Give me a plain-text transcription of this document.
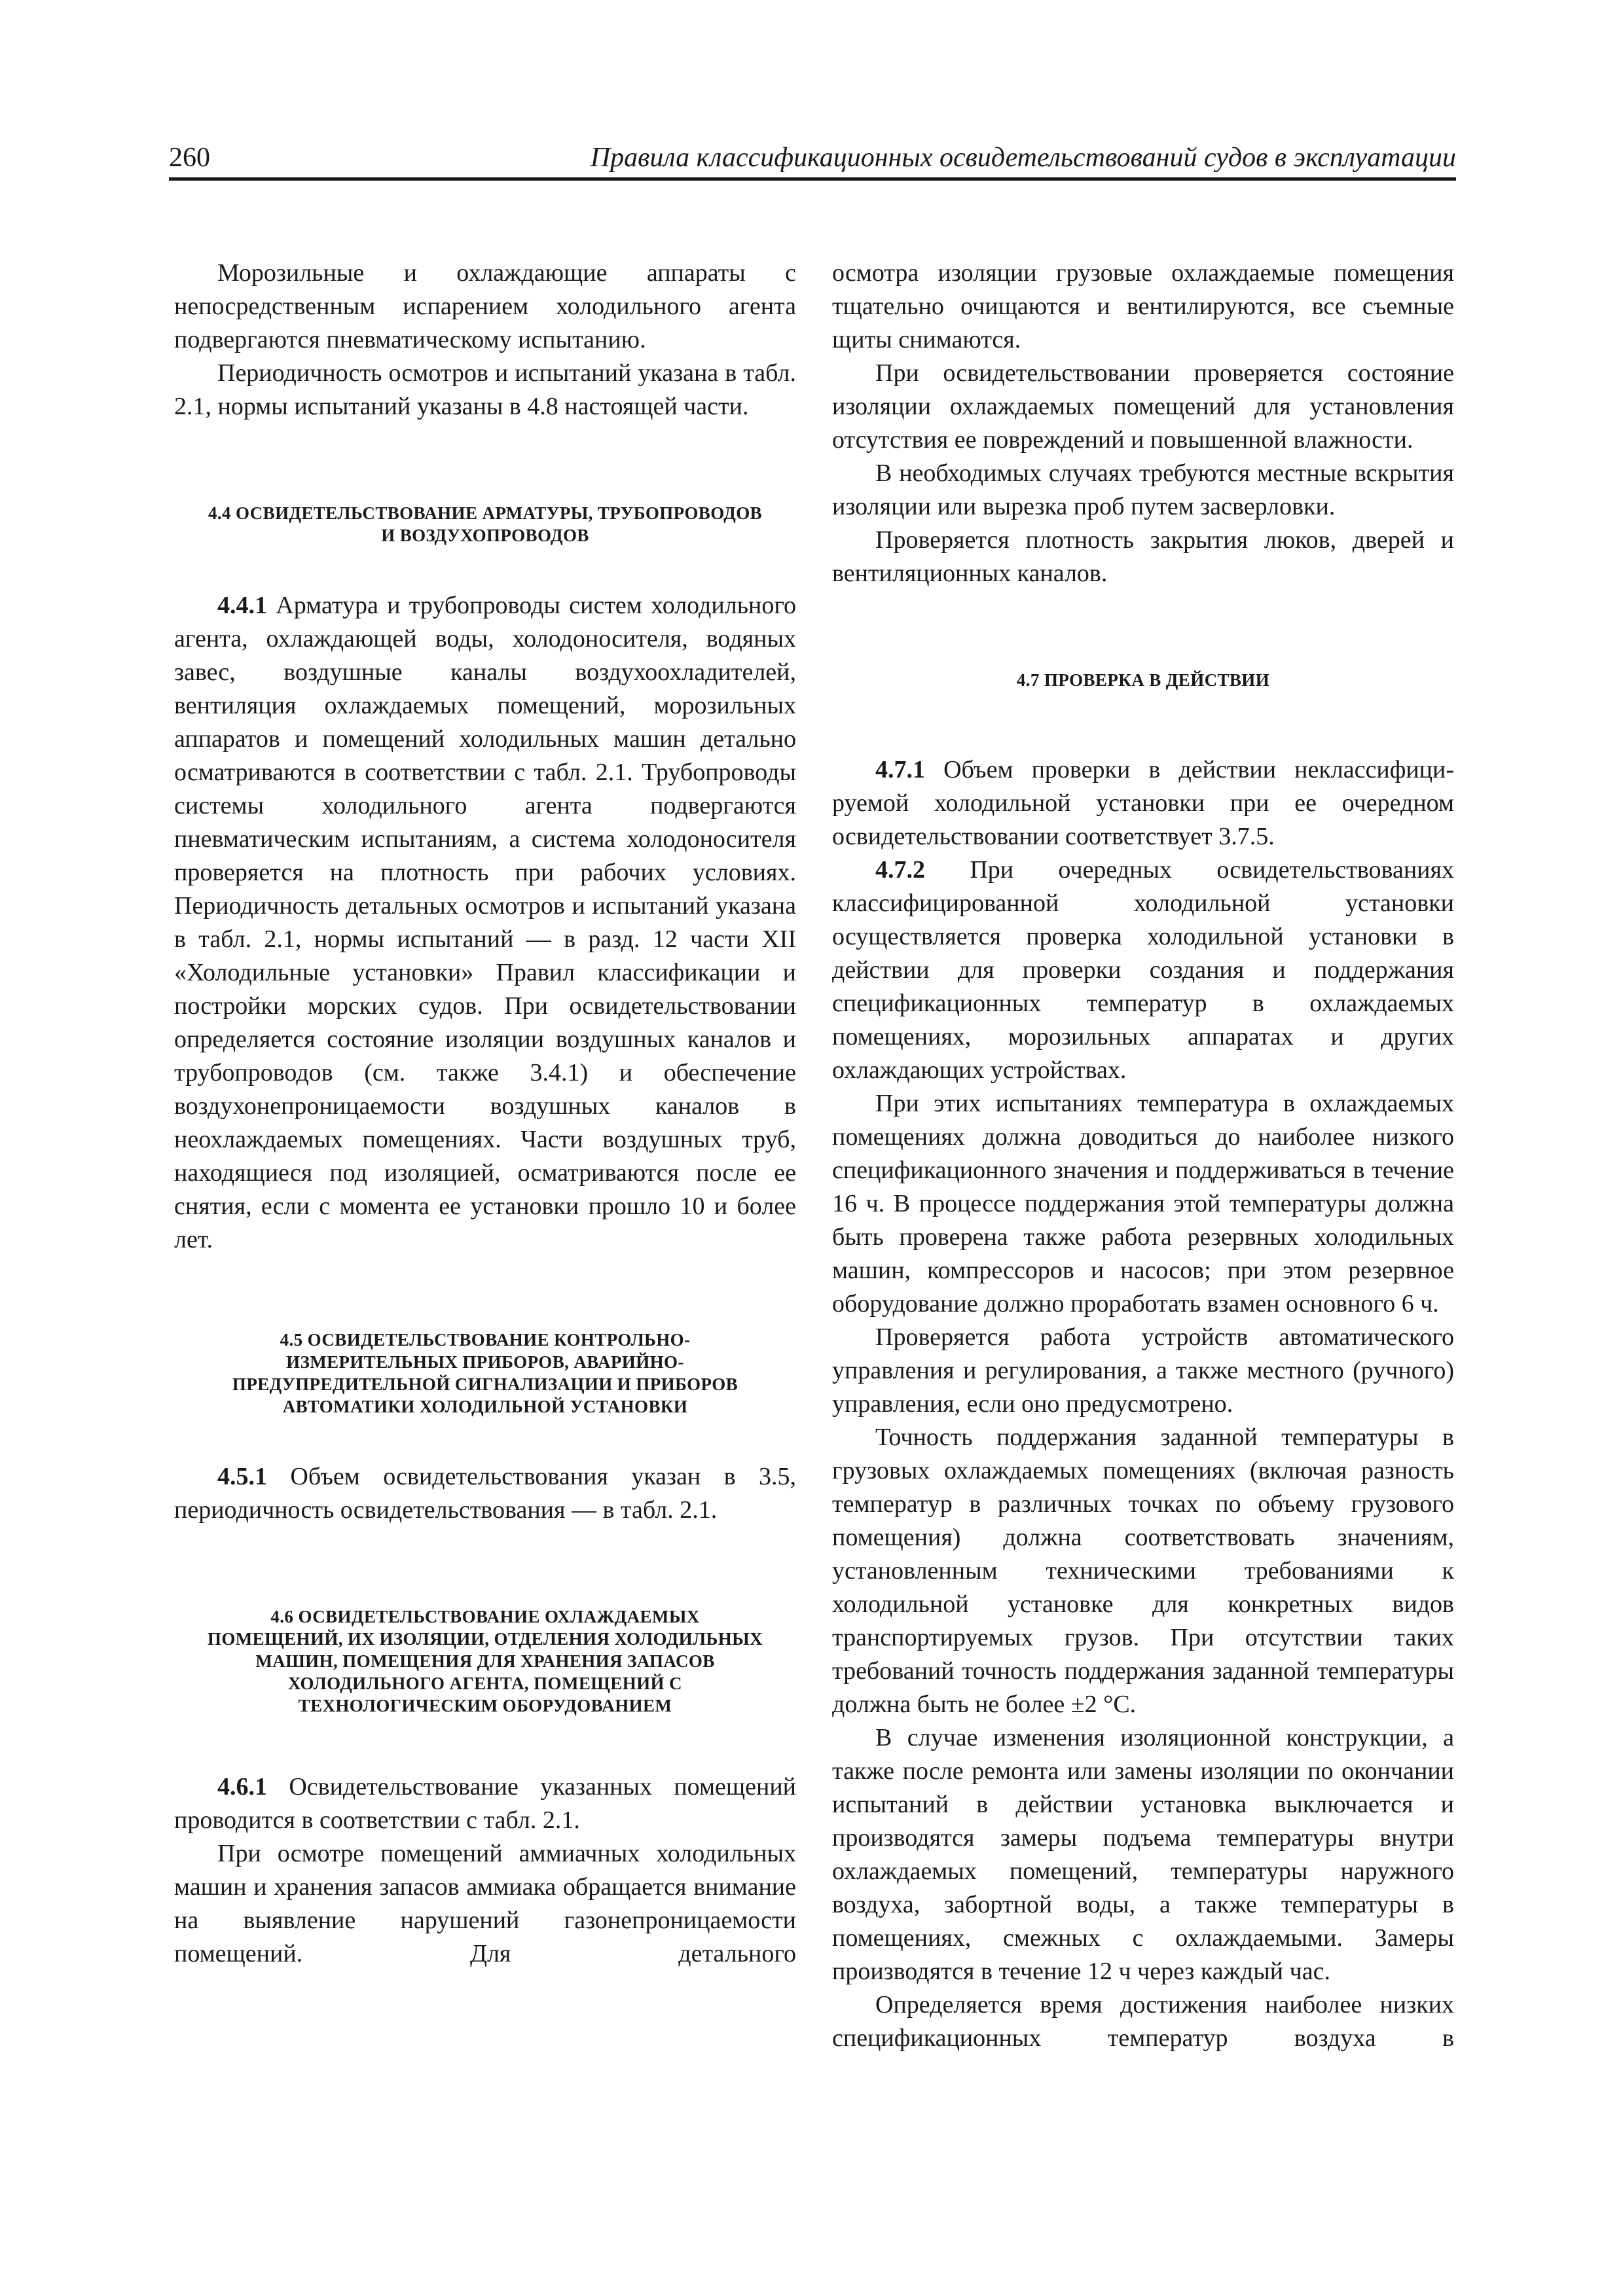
260	Правила классификационных освидетельствований судов в эксплуатации

Морозильные и охлаждающие аппараты с непосредственным испарением холодильного агента подвергаются пневматическому испытанию.

Периодичность осмотров и испытаний указана в табл. 2.1, нормы испытаний указаны в 4.8 настоящей части.

4.4 ОСВИДЕТЕЛЬСТВОВАНИЕ АРМАТУРЫ, ТРУБОПРОВОДОВ И ВОЗДУХОПРОВОДОВ

4.4.1 Арматура и трубопроводы систем холодильного агента, охлаждающей воды, холодоносителя, водяных завес, воздушные каналы воздухоохладителей, вентиляция охлаждаемых помещений, морозильных аппаратов и помещений холодильных машин детально осматриваются в соответствии с табл. 2.1. Трубопроводы системы холодильного агента подвергаются пневматическим испытаниям, а система холодоносителя проверяется на плотность при рабочих условиях. Периодичность детальных осмотров и испытаний указана в табл. 2.1, нормы испытаний — в разд. 12 части XII «Холодильные установки» Правил классификации и постройки морских судов. При освидетельствовании определяется состояние изоляции воздушных каналов и трубопроводов (см. также 3.4.1) и обеспечение воздухонепроницаемости воздушных каналов в неохлаждаемых помещениях. Части воздушных труб, находящиеся под изоляцией, осматриваются после ее снятия, если с момента ее установки прошло 10 и более лет.

4.5 ОСВИДЕТЕЛЬСТВОВАНИЕ КОНТРОЛЬНО-ИЗМЕРИТЕЛЬНЫХ ПРИБОРОВ, АВАРИЙНО-ПРЕДУПРЕДИТЕЛЬНОЙ СИГНАЛИЗАЦИИ И ПРИБОРОВ АВТОМАТИКИ ХОЛОДИЛЬНОЙ УСТАНОВКИ

4.5.1 Объем освидетельствования указан в 3.5, периодичность освидетельствования — в табл. 2.1.

4.6 ОСВИДЕТЕЛЬСТВОВАНИЕ ОХЛАЖДАЕМЫХ ПОМЕЩЕНИЙ, ИХ ИЗОЛЯЦИИ, ОТДЕЛЕНИЯ ХОЛОДИЛЬНЫХ МАШИН, ПОМЕЩЕНИЯ ДЛЯ ХРАНЕНИЯ ЗАПАСОВ ХОЛОДИЛЬНОГО АГЕНТА, ПОМЕЩЕНИЙ С ТЕХНОЛОГИЧЕСКИМ ОБОРУДОВАНИЕМ

4.6.1 Освидетельствование указанных помещений проводится в соответствии с табл. 2.1.

При осмотре помещений аммиачных холодильных машин и хранения запасов аммиака обращается внимание на выявление нарушений газонепроницаемости помещений. Для детального

осмотра изоляции грузовые охлаждаемые помещения тщательно очищаются и вентилируются, все съемные щиты снимаются.

При освидетельствовании проверяется состояние изоляции охлаждаемых помещений для установления отсутствия ее повреждений и повышенной влажности.

В необходимых случаях требуются местные вскрытия изоляции или вырезка проб путем засверловки.

Проверяется плотность закрытия люков, дверей и вентиляционных каналов.

4.7 ПРОВЕРКА В ДЕЙСТВИИ

4.7.1 Объем проверки в действии неклассифицируемой холодильной установки при ее очередном освидетельствовании соответствует 3.7.5.

4.7.2 При очередных освидетельствованиях классифицированной холодильной установки осуществляется проверка холодильной установки в действии для проверки создания и поддержания спецификационных температур в охлаждаемых помещениях, морозильных аппаратах и других охлаждающих устройствах.

При этих испытаниях температура в охлаждаемых помещениях должна доводиться до наиболее низкого спецификационного значения и поддерживаться в течение 16 ч. В процессе поддержания этой температуры должна быть проверена также работа резервных холодильных машин, компрессоров и насосов; при этом резервное оборудование должно проработать взамен основного 6 ч.

Проверяется работа устройств автоматического управления и регулирования, а также местного (ручного) управления, если оно предусмотрено.

Точность поддержания заданной температуры в грузовых охлаждаемых помещениях (включая разность температур в различных точках по объему грузового помещения) должна соответствовать значениям, установленным техническими требованиями к холодильной установке для конкретных видов транспортируемых грузов. При отсутствии таких требований точность поддержания заданной температуры должна быть не более ±2 °С.

В случае изменения изоляционной конструкции, а также после ремонта или замены изоляции по окончании испытаний в действии установка выключается и производятся замеры подъема температуры внутри охлаждаемых помещений, температуры наружного воздуха, забортной воды, а также температуры в помещениях, смежных с охлаждаемыми. Замеры производятся в течение 12 ч через каждый час.

Определяется время достижения наиболее низких спецификационных температур воздуха в
